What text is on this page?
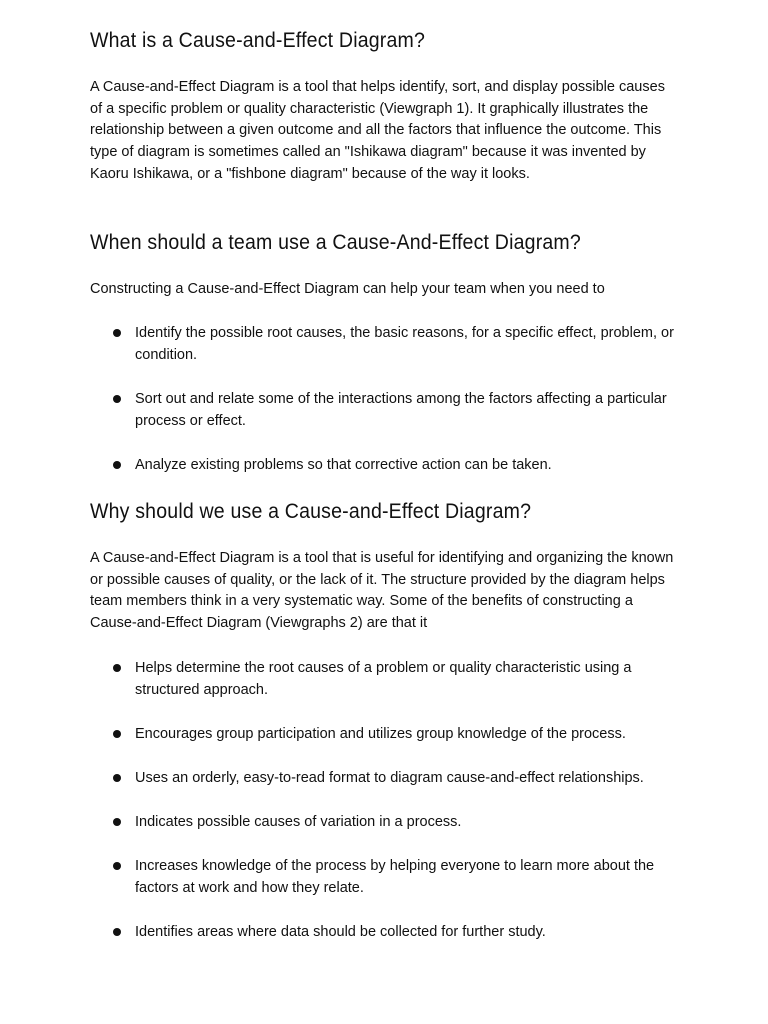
What is a Cause-and-Effect Diagram?

A Cause-and-Effect Diagram is a tool that helps identify, sort, and display possible causes of a specific problem or quality characteristic (Viewgraph 1). It graphically illustrates the relationship between a given outcome and all the factors that influence the outcome. This type of diagram is sometimes called an "Ishikawa diagram" because it was invented by Kaoru Ishikawa, or a "fishbone diagram" because of the way it looks.

When should a team use a Cause-And-Effect Diagram?

Constructing a Cause-and-Effect Diagram can help your team when you need to

Identify the possible root causes, the basic reasons, for a specific effect, problem, or condition.
Sort out and relate some of the interactions among the factors affecting a particular process or effect.
Analyze existing problems so that corrective action can be taken.
Why should we use a Cause-and-Effect Diagram?

A Cause-and-Effect Diagram is a tool that is useful for identifying and organizing the known or possible causes of quality, or the lack of it. The structure provided by the diagram helps team members think in a very systematic way. Some of the benefits of constructing a Cause-and-Effect Diagram (Viewgraphs 2) are that it

Helps determine the root causes of a problem or quality characteristic using a structured approach.
Encourages group participation and utilizes group knowledge of the process.
Uses an orderly, easy-to-read format to diagram cause-and-effect relationships.
Indicates possible causes of variation in a process.
Increases knowledge of the process by helping everyone to learn more about the factors at work and how they relate.
Identifies areas where data should be collected for further study.
